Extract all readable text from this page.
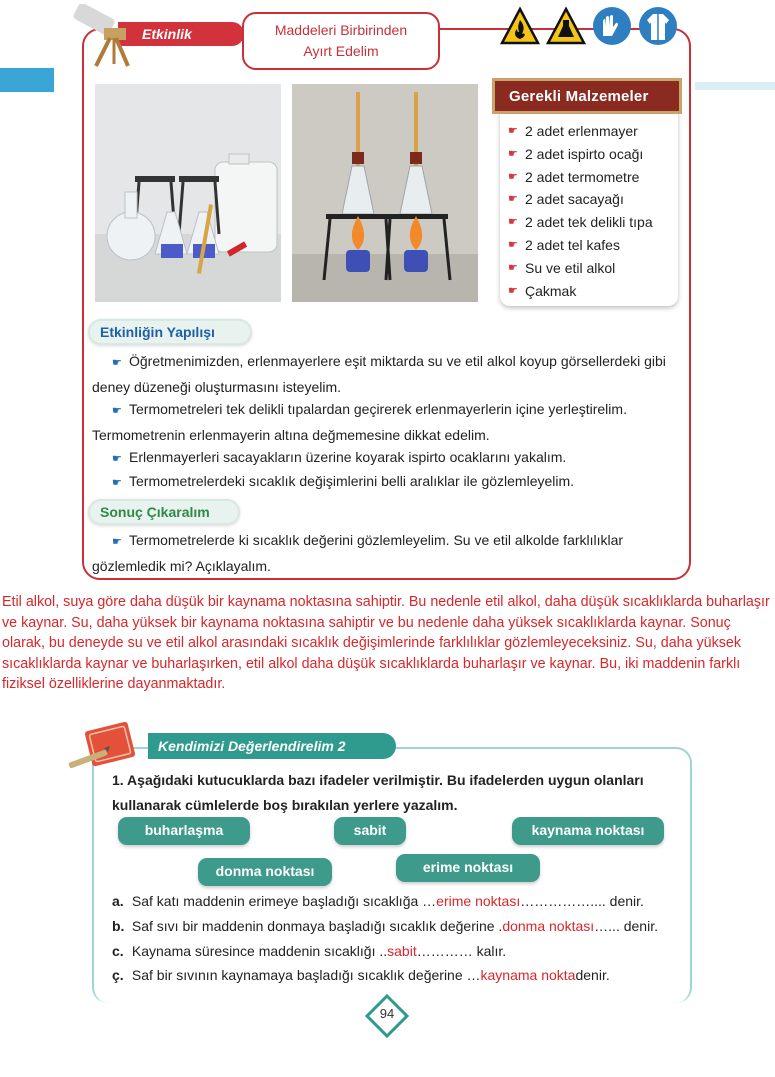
Etkinlik	Maddeleri Birbirinden
Ayırt Edelim
☛ 2 adet erlenmayer
☛ 2 adet ispirto ocağı
☛ 2 adet termometre
☛ 2 adet sacayağı
☛ 2 adet tek delikli tıpa
☛ 2 adet tel kafes
☛ Su ve etil alkol
☛ Çakmak
Gerekli Malzemeler
Etkinliğin Yapılışı
☛ Öğretmenimizden, erlenmayerlere eşit miktarda su ve etil alkol koyup görsellerdeki gibi deney düzeneği oluşturmasını isteyelim.
☛ Termometreleri tek delikli tıpalardan geçirerek erlenmayerlerin içine yerleştirelim. Termometrenin erlenmayerin altına değmemesine dikkat edelim.
☛ Erlenmayerleri sacayakların üzerine koyarak ispirto ocaklarını yakalım.
☛ Termometrelerdeki sıcaklık değişimlerini belli aralıklar ile gözlemleyelim.
Sonuç Çıkaralım
☛ Termometrelerde ki sıcaklık değerini gözlemleyelim. Su ve etil alkolde farklılıklar gözlemledik mi? Açıklayalım.
Etil alkol, suya göre daha düşük bir kaynama noktasına sahiptir. Bu nedenle etil alkol, daha düşük sıcaklıklarda buharlaşır ve kaynar. Su, daha yüksek bir kaynama noktasına sahiptir ve bu nedenle daha yüksek sıcaklıklarda kaynar. Sonuç olarak, bu deneyde su ve etil alkol arasındaki sıcaklık değişimlerinde farklılıklar gözlemleyeceksiniz. Su, daha yüksek sıcaklıklarda kaynar ve buharlaşırken, etil alkol daha düşük sıcaklıklarda buharlaşır ve kaynar. Bu, iki maddenin farklı fiziksel özelliklerine dayanmaktadır.
Kendimizi Değerlendirelim 2
1. Aşağıdaki kutucuklarda bazı ifadeler verilmiştir. Bu ifadelerden uygun olanları kullanarak cümlelerde boş bırakılan yerlere yazalım.
buharlaşma	sabit	kaynama noktası
donma noktası	erime noktası
a. Saf katı maddenin erimeye başladığı sıcaklığa …erime noktası…………….... denir.
b. Saf sıvı bir maddenin donmaya başladığı sıcaklık değerine .donma noktası…... denir.
c. Kaynama süresince maddenin sıcaklığı ..sabit………… kalır.
ç. Saf bir sıvının kaynamaya başladığı sıcaklık değerine …kaynama noktadenir.
94
